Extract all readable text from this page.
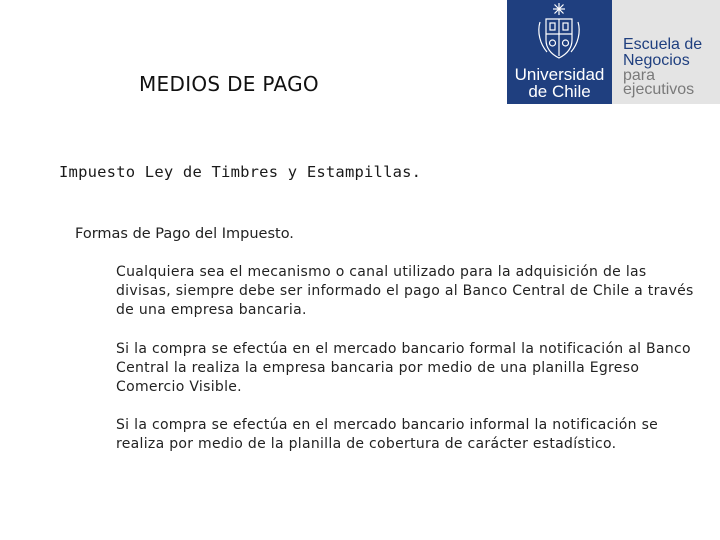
MEDIOS DE PAGO	Universidad
de Chile
Escuela de
Negocios
para
ejecutivos
Impuesto Ley de Timbres y Estampillas.
Formas de Pago del Impuesto.
Cualquiera sea el mecanismo o canal utilizado para la adquisición de las divisas, siempre debe ser informado el pago al Banco Central de Chile a través de una empresa bancaria.
Si la compra se efectúa en el mercado bancario formal la notificación al Banco Central la realiza la empresa bancaria por medio de una planilla Egreso Comercio Visible.
Si la compra se efectúa en el mercado bancario informal la notificación se realiza por medio de la planilla de cobertura de carácter estadístico.
